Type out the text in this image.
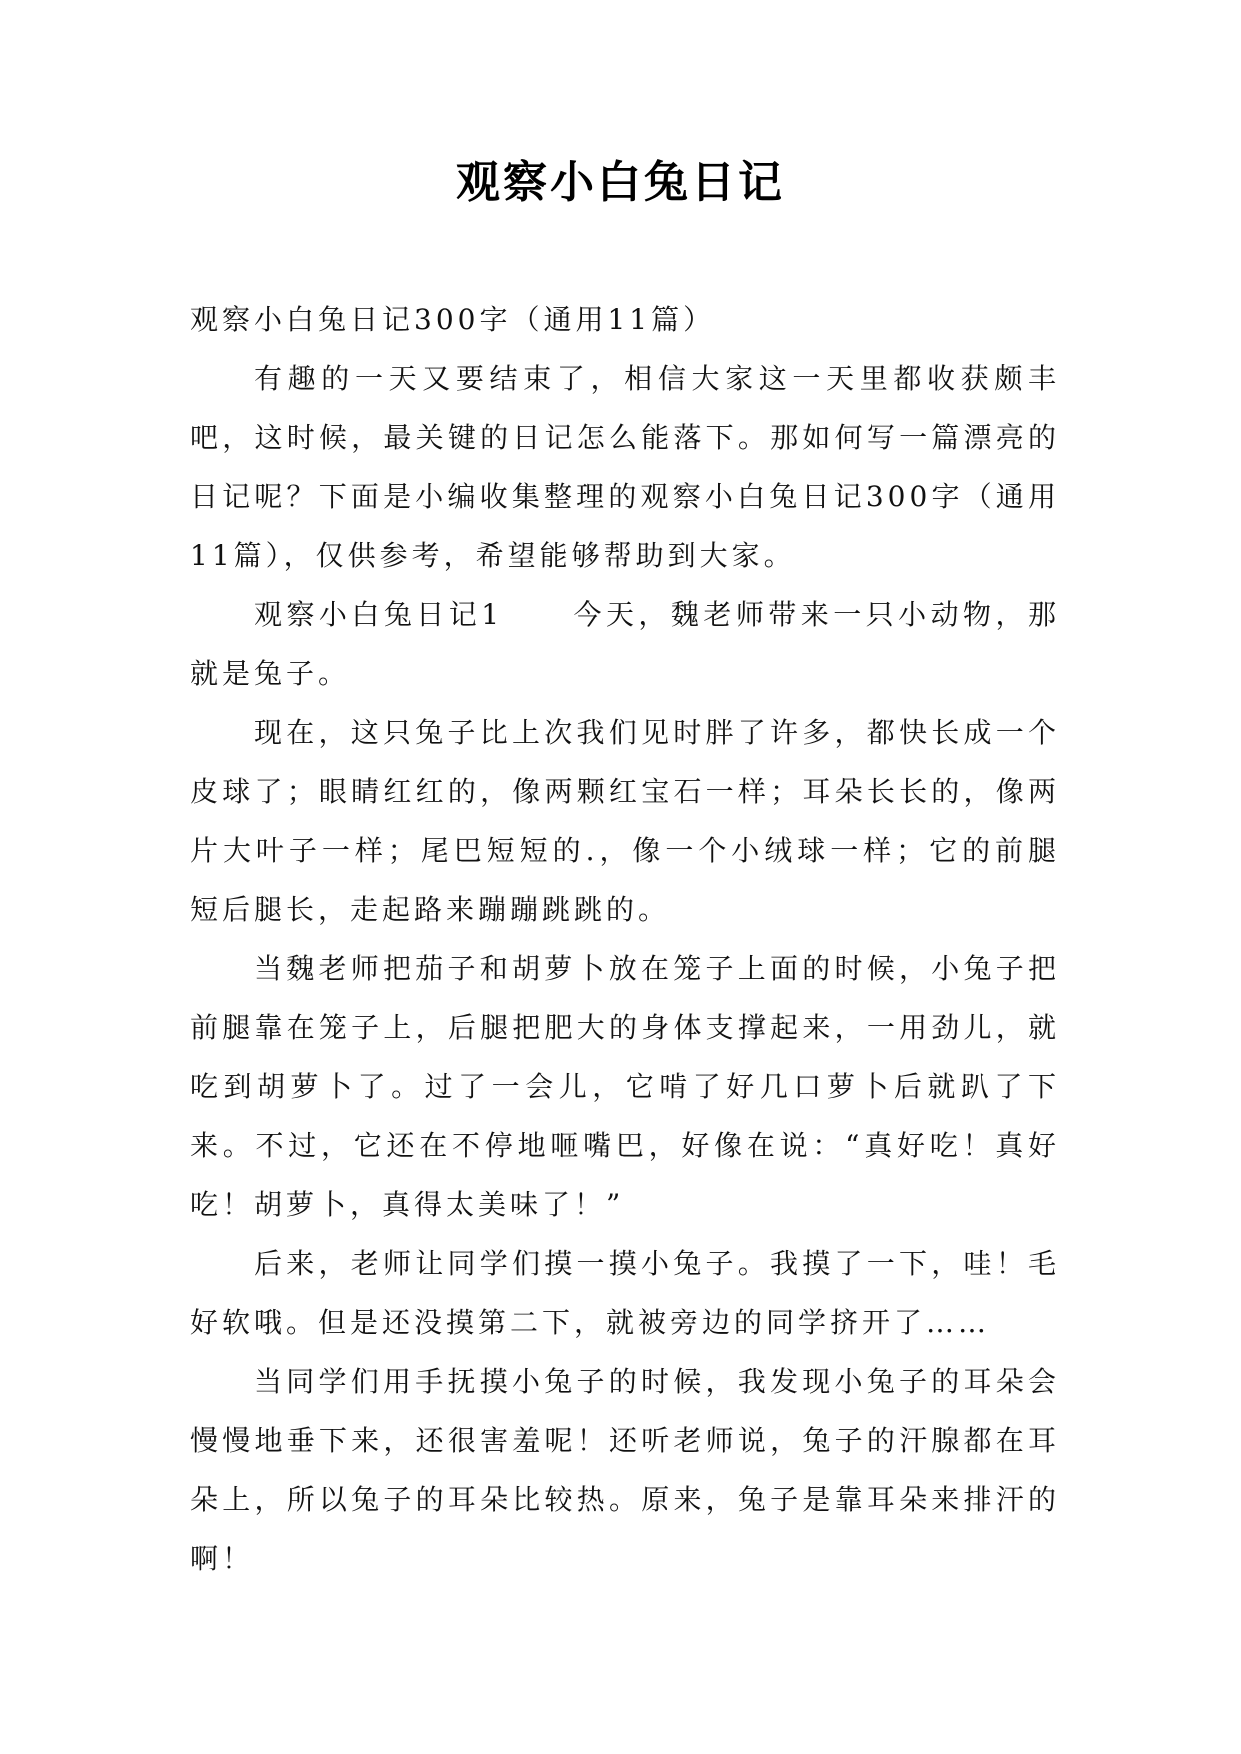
观察小白兔日记

观察小白兔日记300字（通用11篇）

有趣的一天又要结束了，相信大家这一天里都收获颇丰吧，这时候，最关键的日记怎么能落下。那如何写一篇漂亮的日记呢？下面是小编收集整理的观察小白兔日记300字（通用11篇），仅供参考，希望能够帮助到大家。

观察小白兔日记1	今天，魏老师带来一只小动物，那就是兔子。

现在，这只兔子比上次我们见时胖了许多，都快长成一个皮球了；眼睛红红的，像两颗红宝石一样；耳朵长长的，像两片大叶子一样；尾巴短短的.，像一个小绒球一样；它的前腿短后腿长，走起路来蹦蹦跳跳的。

当魏老师把茄子和胡萝卜放在笼子上面的时候，小兔子把前腿靠在笼子上，后腿把肥大的身体支撑起来，一用劲儿，就吃到胡萝卜了。过了一会儿，它啃了好几口萝卜后就趴了下来。不过，它还在不停地咂嘴巴，好像在说：“真好吃！真好吃！胡萝卜，真得太美味了！”

后来，老师让同学们摸一摸小兔子。我摸了一下，哇！毛好软哦。但是还没摸第二下，就被旁边的同学挤开了……

当同学们用手抚摸小兔子的时候，我发现小兔子的耳朵会慢慢地垂下来，还很害羞呢！还听老师说，兔子的汗腺都在耳朵上，所以兔子的耳朵比较热。原来，兔子是靠耳朵来排汗的啊！
